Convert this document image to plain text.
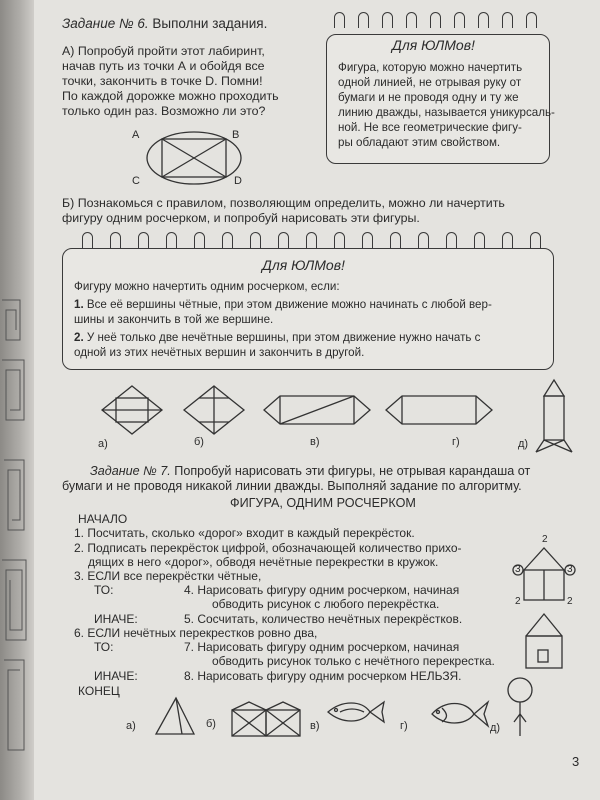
Задание № 6. Выполни задания.
А) Попробуй пройти этот лабиринт,
начав путь из точки А и обойдя все
точки, закончить в точке D. Помни!
По каждой дорожке можно проходить
только один раз. Возможно ли это?
A	B
C	D
Для ЮЛМов!
Фигура, которую можно начертить
одной линией, не отрывая руку от
бумаги и не проводя одну и ту же
линию дважды, называется уникурсаль-
ной. Не все геометрические фигу-
ры обладают этим свойством.
Б) Познакомься с правилом, позволяющим определить, можно ли начертить
фигуру одним росчерком, и попробуй нарисовать эти фигуры.
Для ЮЛМов!
Фигуру можно начертить одним росчерком, если:
1. Все её вершины чётные, при этом движение можно начинать с любой вер-
шины и закончить в той же вершине.
2. У неё только две нечётные вершины, при этом движение нужно начать с
одной из этих нечётных вершин и закончить в другой.
а)	б)	в)	г)	д)
Задание № 7. Попробуй нарисовать эти фигуры, не отрывая карандаша от
бумаги и не проводя никакой линии дважды. Выполняй задание по алгоритму.
ФИГУРА, ОДНИМ РОСЧЕРКОМ
НАЧАЛО
1. Посчитать, сколько «дорог» входит в каждый перекрёсток.
2. Подписать перекрёсток цифрой, обозначающей количество прихо-
дящих в него «дорог», обводя нечётные перекрестки в кружок.
3. ЕСЛИ все перекрёстки чётные,
ТО:	4. Нарисовать фигуру одним росчерком, начиная
обводить рисунок с любого перекрёстка.
ИНАЧЕ:	5. Сосчитать, количество нечётных перекрёстков.
6. ЕСЛИ нечётных перекрестков ровно два,
ТО:	7. Нарисовать фигуру одним росчерком, начиная
обводить рисунок только с нечётного перекрестка.
ИНАЧЕ:	8. Нарисовать фигуру одним росчерком НЕЛЬЗЯ.
КОНЕЦ
2
3	3
2	2
а)	б)	в)	г)	д)
3
